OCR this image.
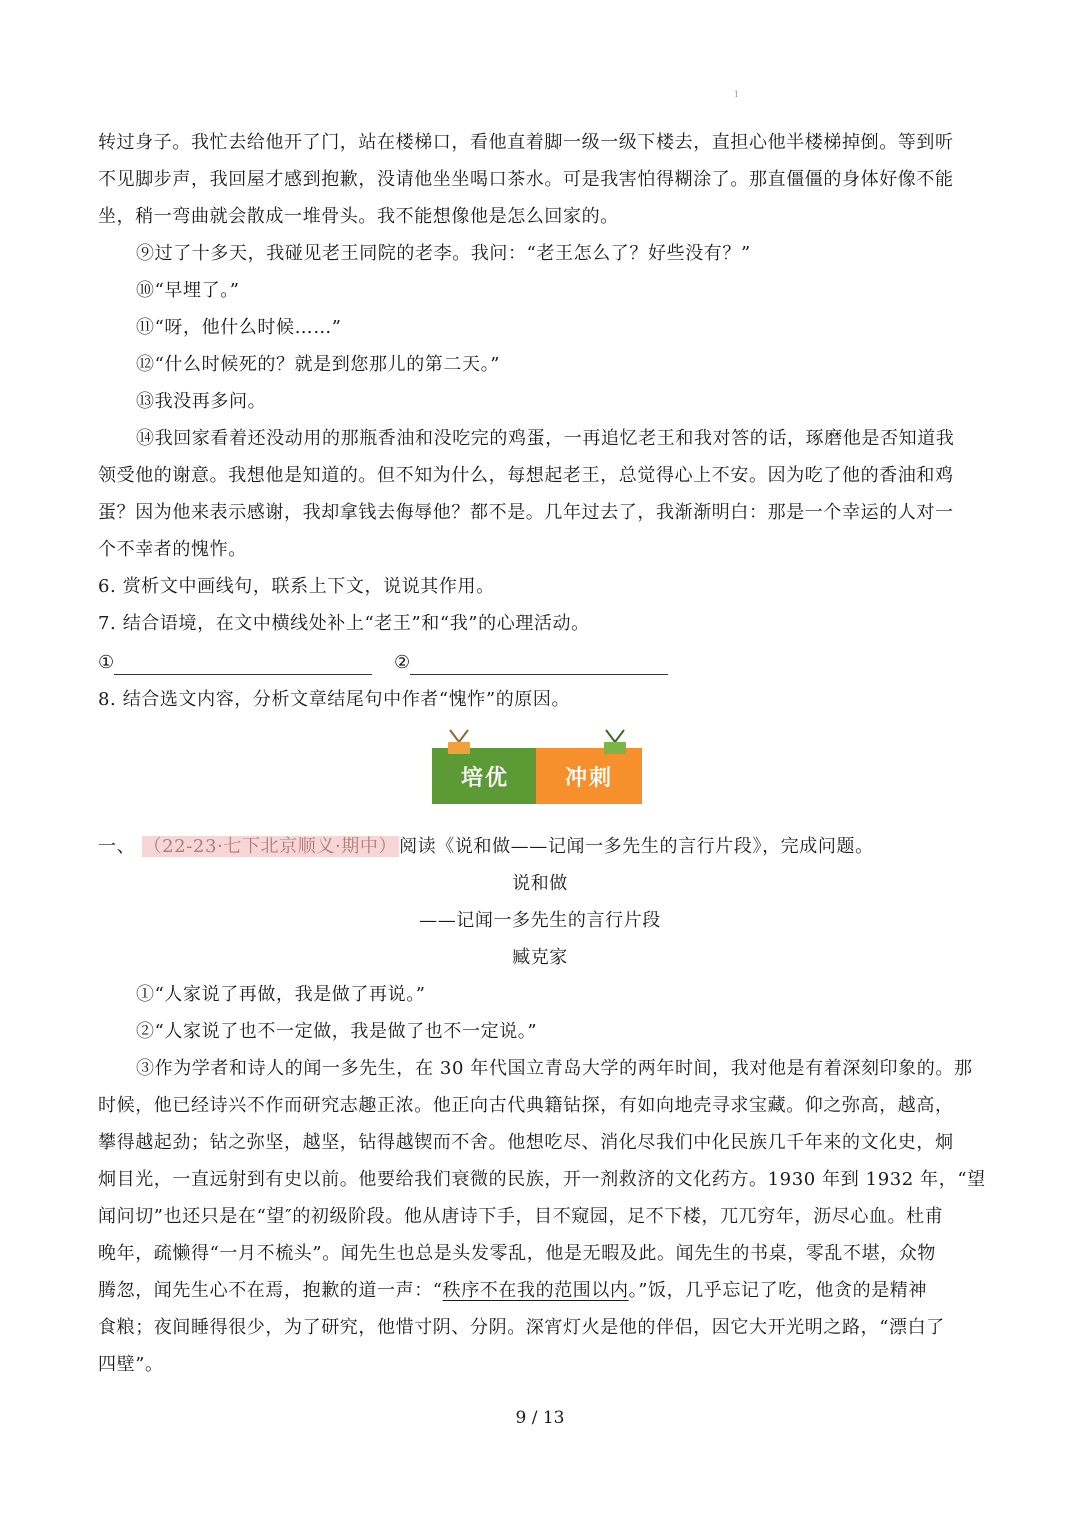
1
转过身子。我忙去给他开了门，站在楼梯口，看他直着脚一级一级下楼去，直担心他半楼梯掉倒。等到听
不见脚步声，我回屋才感到抱歉，没请他坐坐喝口茶水。可是我害怕得糊涂了。那直僵僵的身体好像不能
坐，稍一弯曲就会散成一堆骨头。我不能想像他是怎么回家的。
⑨过了十多天，我碰见老王同院的老李。我问：“老王怎么了？好些没有？”
⑩“早埋了。”
⑪“呀，他什么时候……”
⑫“什么时候死的？就是到您那儿的第二天。”
⑬我没再多问。
⑭我回家看着还没动用的那瓶香油和没吃完的鸡蛋，一再追忆老王和我对答的话，琢磨他是否知道我
领受他的谢意。我想他是知道的。但不知为什么，每想起老王，总觉得心上不安。因为吃了他的香油和鸡
蛋？因为他来表示感谢，我却拿钱去侮辱他？都不是。几年过去了，我渐渐明白：那是一个幸运的人对一
个不幸者的愧怍。
6. 赏析文中画线句，联系上下文，说说其作用。
7. 结合语境，在文中横线处补上“老王”和“我”的心理活动。
①	②
8. 结合选文内容，分析文章结尾句中作者“愧怍”的原因。
培优	冲刺
一、 （22-23·七下北京顺义·期中） 阅读《说和做——记闻一多先生的言行片段》，完成问题。
说和做
——记闻一多先生的言行片段
臧克家
①“人家说了再做，我是做了再说。”
②“人家说了也不一定做，我是做了也不一定说。”
③作为学者和诗人的闻一多先生，在 30 年代国立青岛大学的两年时间，我对他是有着深刻印象的。那
时候，他已经诗兴不作而研究志趣正浓。他正向古代典籍钻探，有如向地壳寻求宝藏。仰之弥高，越高，
攀得越起劲；钻之弥坚，越坚，钻得越锲而不舍。他想吃尽、消化尽我们中化民族几千年来的文化史，炯
炯目光，一直远射到有史以前。他要给我们衰微的民族，开一剂救济的文化药方。1930 年到 1932 年，“望
闻问切”也还只是在“望″的初级阶段。他从唐诗下手，目不窥园，足不下楼，兀兀穷年，沥尽心血。杜甫
晚年，疏懒得“一月不梳头”。闻先生也总是头发零乱，他是无暇及此。闻先生的书桌，零乱不堪，众物
腾忽，闻先生心不在焉，抱歉的道一声：“秩序不在我的范围以内。”饭，几乎忘记了吃，他贪的是精神
食粮；夜间睡得很少，为了研究，他惜寸阴、分阴。深宵灯火是他的伴侣，因它大开光明之路，“漂白了
四壁”。
9 / 13
